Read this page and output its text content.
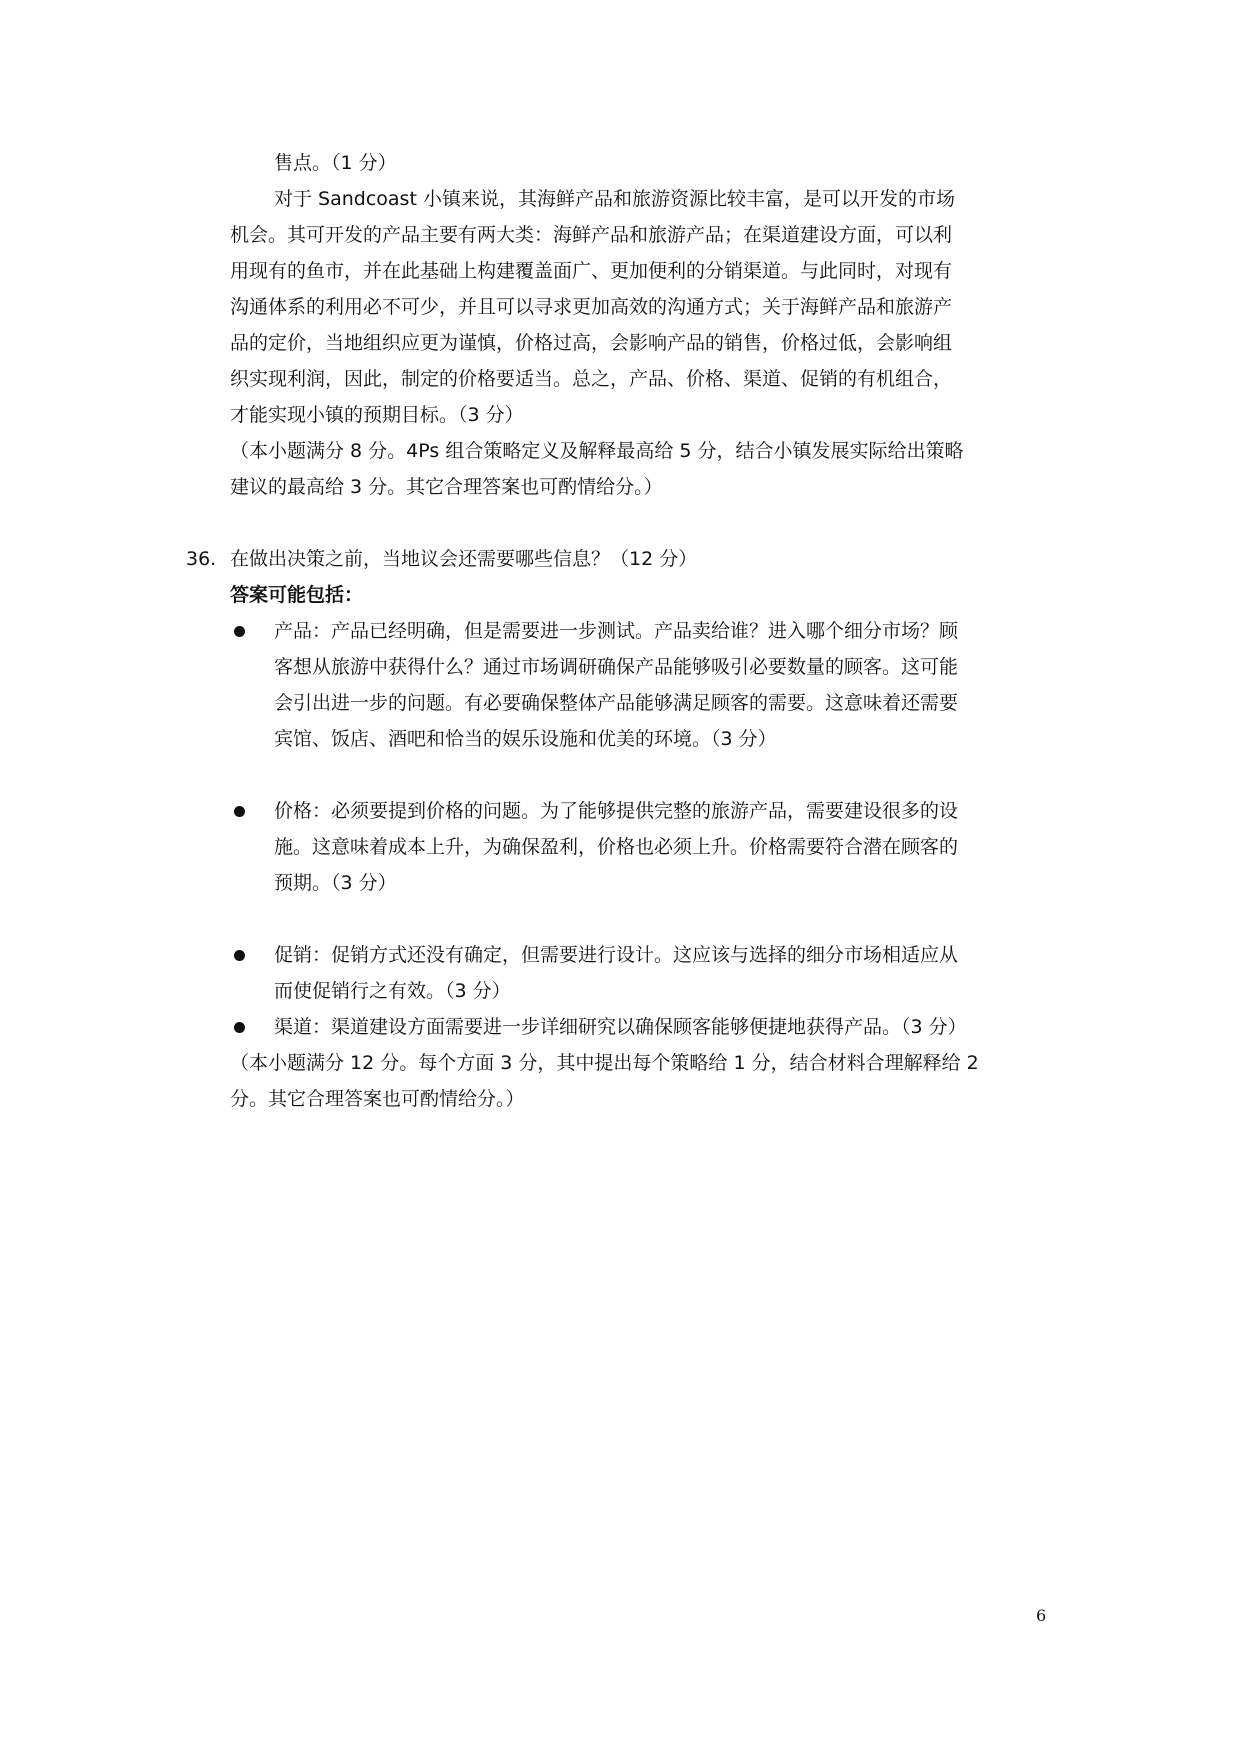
售点。（1 分）
对于 Sandcoast 小镇来说，其海鲜产品和旅游资源比较丰富，是可以开发的市场
机会。其可开发的产品主要有两大类：海鲜产品和旅游产品；在渠道建设方面，可以利
用现有的鱼市，并在此基础上构建覆盖面广、更加便利的分销渠道。与此同时，对现有
沟通体系的利用必不可少，并且可以寻求更加高效的沟通方式；关于海鲜产品和旅游产
品的定价，当地组织应更为谨慎，价格过高，会影响产品的销售，价格过低，会影响组
织实现利润，因此，制定的价格要适当。总之，产品、价格、渠道、促销的有机组合，
才能实现小镇的预期目标。（3 分）
（本小题满分 8 分。4Ps 组合策略定义及解释最高给 5 分，结合小镇发展实际给出策略
建议的最高给 3 分。其它合理答案也可酌情给分。）
36. 在做出决策之前，当地议会还需要哪些信息？（12 分）
答案可能包括：
产品：产品已经明确，但是需要进一步测试。产品卖给谁？进入哪个细分市场？顾
客想从旅游中获得什么？通过市场调研确保产品能够吸引必要数量的顾客。这可能
会引出进一步的问题。有必要确保整体产品能够满足顾客的需要。这意味着还需要
宾馆、饭店、酒吧和恰当的娱乐设施和优美的环境。（3 分）
价格：必须要提到价格的问题。为了能够提供完整的旅游产品，需要建设很多的设
施。这意味着成本上升，为确保盈利，价格也必须上升。价格需要符合潜在顾客的
预期。（3 分）
促销：促销方式还没有确定，但需要进行设计。这应该与选择的细分市场相适应从
而使促销行之有效。（3 分）
渠道：渠道建设方面需要进一步详细研究以确保顾客能够便捷地获得产品。（3 分）
（本小题满分 12 分。每个方面 3 分，其中提出每个策略给 1 分，结合材料合理解释给 2
分。其它合理答案也可酌情给分。）
6
